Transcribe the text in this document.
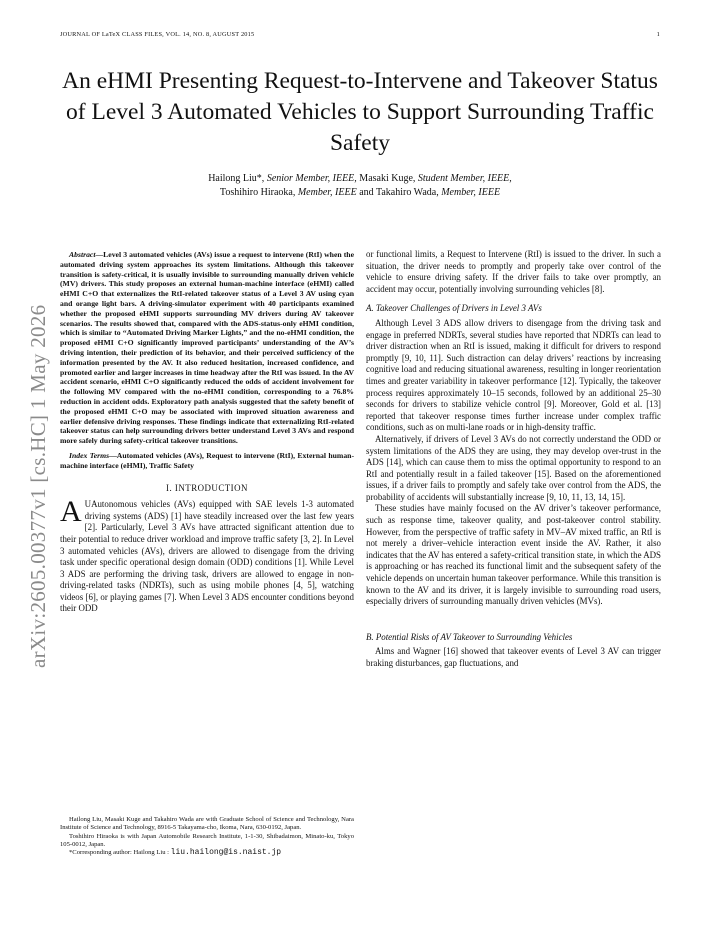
JOURNAL OF LaTeX CLASS FILES, VOL. 14, NO. 8, AUGUST 2015	1
An eHMI Presenting Request-to-Intervene and Takeover Status of Level 3 Automated Vehicles to Support Surrounding Traffic Safety
Hailong Liu*, Senior Member, IEEE, Masaki Kuge, Student Member, IEEE,
Toshihiro Hiraoka, Member, IEEE and Takahiro Wada, Member, IEEE
arXiv:2605.00377v1 [cs.HC] 1 May 2026

Abstract—Level 3 automated vehicles (AVs) issue a request to intervene (RtI) when the automated driving system approaches its system limitations. Although this takeover transition is safety-critical, it is usually invisible to surrounding manually driven vehicle (MV) drivers. This study proposes an external human-machine interface (eHMI) called eHMI C+O that externalizes the RtI-related takeover status of a Level 3 AV using cyan and orange light bars. A driving-simulator experiment with 40 participants examined whether the proposed eHMI supports surrounding MV drivers during AV takeover scenarios. The results showed that, compared with the ADS-status-only eHMI condition, which is similar to “Automated Driving Marker Lights,” and the no-eHMI condition, the proposed eHMI C+O significantly improved participants’ understanding of the AV’s driving intention, their prediction of its behavior, and their perceived sufficiency of the information presented by the AV. It also reduced hesitation, increased confidence, and promoted earlier and larger increases in time headway after the RtI was issued. In the AV accident scenario, eHMI C+O significantly reduced the odds of accident involvement for the following MV compared with the no-eHMI condition, corresponding to a 76.8% reduction in accident odds. Exploratory path analysis suggested that the safety benefit of the proposed eHMI C+O may be associated with improved situation awareness and earlier defensive driving responses. These findings indicate that externalizing RtI-related takeover status can help surrounding drivers better understand Level 3 AVs and respond more safely during safety-critical takeover transitions.

Index Terms—Automated vehicles (AVs), Request to intervene (RtI), External human-machine interface (eHMI), Traffic Safety

I. INTRODUCTION

A UAutonomous vehicles (AVs) equipped with SAE levels 1-3 automated driving systems (ADS) [1] have steadily increased over the last few years [2]. Particularly, Level 3 AVs have attracted significant attention due to their potential to reduce driver workload and improve traffic safety [3, 2]. In Level 3 automated vehicles (AVs), drivers are allowed to disengage from the driving task under specific operational design domain (ODD) conditions [1]. While Level 3 ADS are performing the driving task, drivers are allowed to engage in non-driving-related tasks (NDRTs), such as using mobile phones [4, 5], watching videos [6], or playing games [7]. When Level 3 ADS encounter conditions beyond their ODD

Hailong Liu, Masaki Kuge and Takahiro Wada are with Graduate School of Science and Technology, Nara Institute of Science and Technology, 8916-5 Takayama-cho, Ikoma, Nara, 630-0192, Japan.

Toshihiro Hiraoka is with Japan Automobile Research Institute, 1-1-30, Shibadaimon, Minato-ku, Tokyo 105-0012, Japan.

*Corresponding author: Hailong Liu : liu.hailong@is.naist.jp

or functional limits, a Request to Intervene (RtI) is issued to the driver. In such a situation, the driver needs to promptly and properly take over control of the vehicle to ensure driving safety. If the driver fails to take over promptly, an accident may occur, potentially involving surrounding vehicles [8].

A. Takeover Challenges of Drivers in Level 3 AVs

Although Level 3 ADS allow drivers to disengage from the driving task and engage in preferred NDRTs, several studies have reported that NDRTs can lead to driver distraction when an RtI is issued, making it difficult for drivers to respond promptly [9, 10, 11]. Such distraction can delay drivers’ reactions by increasing cognitive load and reducing situational awareness, resulting in longer reorientation times and greater variability in takeover performance [12]. Typically, the takeover process requires approximately 10–15 seconds, followed by an additional 25–30 seconds for drivers to stabilize vehicle control [9]. Moreover, Gold et al. [13] reported that takeover response times further increase under complex traffic conditions, such as on multi-lane roads or in high-density traffic.

Alternatively, if drivers of Level 3 AVs do not correctly understand the ODD or system limitations of the ADS they are using, they may develop over-trust in the ADS [14], which can cause them to miss the optimal opportunity to respond to an RtI and potentially result in a failed takeover [15]. Based on the aforementioned issues, if a driver fails to promptly and safely take over control from the ADS, the probability of accidents will substantially increase [9, 10, 11, 13, 14, 15].

These studies have mainly focused on the AV driver’s takeover performance, such as response time, takeover quality, and post-takeover control stability. However, from the perspective of traffic safety in MV–AV mixed traffic, an RtI is not merely a driver–vehicle interaction event inside the AV. Rather, it also indicates that the AV has entered a safety-critical transition state, in which the ADS is approaching or has reached its functional limit and the subsequent safety of the vehicle depends on uncertain human takeover performance. While this transition is known to the AV and its driver, it is largely invisible to surrounding road users, especially drivers of surrounding manually driven vehicles (MVs).

B. Potential Risks of AV Takeover to Surrounding Vehicles

Alms and Wagner [16] showed that takeover events of Level 3 AV can trigger braking disturbances, gap fluctuations, and
